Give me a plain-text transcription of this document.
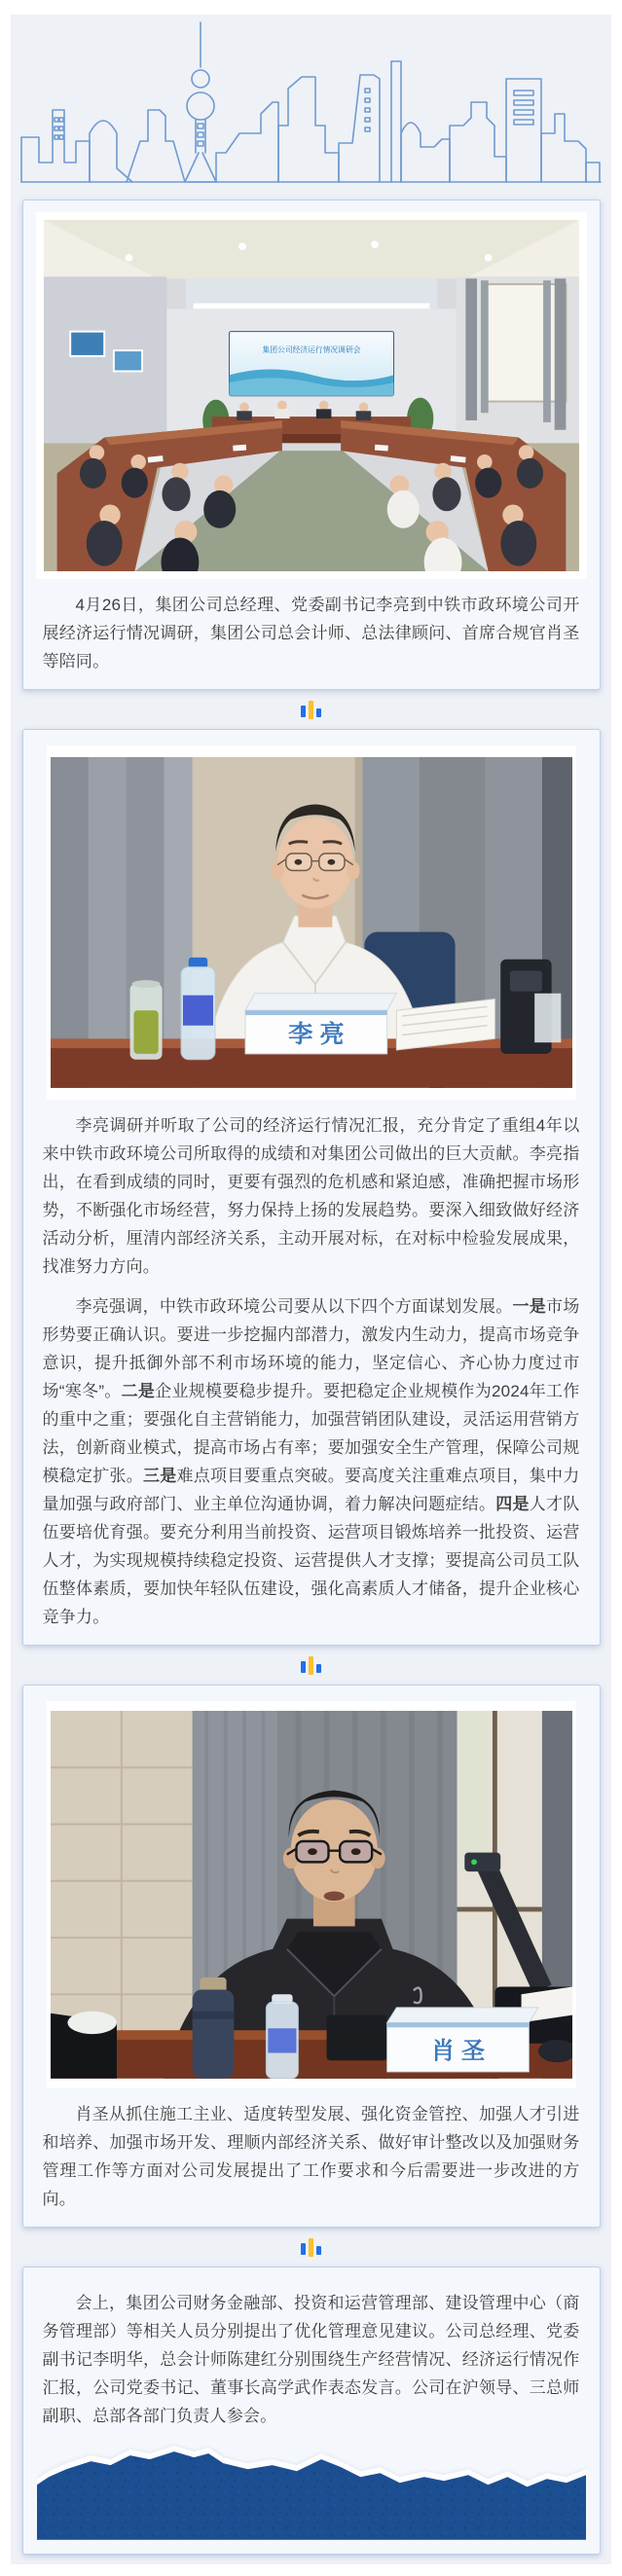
集团公司经济运行情况调研会

4月26日，集团公司总经理、党委副书记李亮到中铁市政环境公司开展经济运行情况调研，集团公司总会计师、总法律顾问、首席合规官肖圣等陪同。

李 亮

李亮调研并听取了公司的经济运行情况汇报，充分肯定了重组4年以来中铁市政环境公司所取得的成绩和对集团公司做出的巨大贡献。李亮指出，在看到成绩的同时，更要有强烈的危机感和紧迫感，准确把握市场形势，不断强化市场经营，努力保持上扬的发展趋势。要深入细致做好经济活动分析，厘清内部经济关系，主动开展对标，在对标中检验发展成果，找准努力方向。

李亮强调，中铁市政环境公司要从以下四个方面谋划发展。一是市场形势要正确认识。要进一步挖掘内部潜力，激发内生动力，提高市场竞争意识，提升抵御外部不利市场环境的能力，坚定信心、齐心协力度过市场“寒冬”。二是企业规模要稳步提升。要把稳定企业规模作为2024年工作的重中之重；要强化自主营销能力，加强营销团队建设，灵活运用营销方法，创新商业模式，提高市场占有率；要加强安全生产管理，保障公司规模稳定扩张。三是难点项目要重点突破。要高度关注重难点项目，集中力量加强与政府部门、业主单位沟通协调，着力解决问题症结。四是人才队伍要培优育强。要充分利用当前投资、运营项目锻炼培养一批投资、运营人才，为实现规模持续稳定投资、运营提供人才支撑；要提高公司员工队伍整体素质，要加快年轻队伍建设，强化高素质人才储备，提升企业核心竞争力。

肖 圣

肖圣从抓住施工主业、适度转型发展、强化资金管控、加强人才引进和培养、加强市场开发、理顺内部经济关系、做好审计整改以及加强财务管理工作等方面对公司发展提出了工作要求和今后需要进一步改进的方向。

会上，集团公司财务金融部、投资和运营管理部、建设管理中心（商务管理部）等相关人员分别提出了优化管理意见建议。公司总经理、党委副书记李明华，总会计师陈建红分别围绕生产经营情况、经济运行情况作汇报，公司党委书记、董事长高学武作表态发言。公司在沪领导、三总师副职、总部各部门负责人参会。
